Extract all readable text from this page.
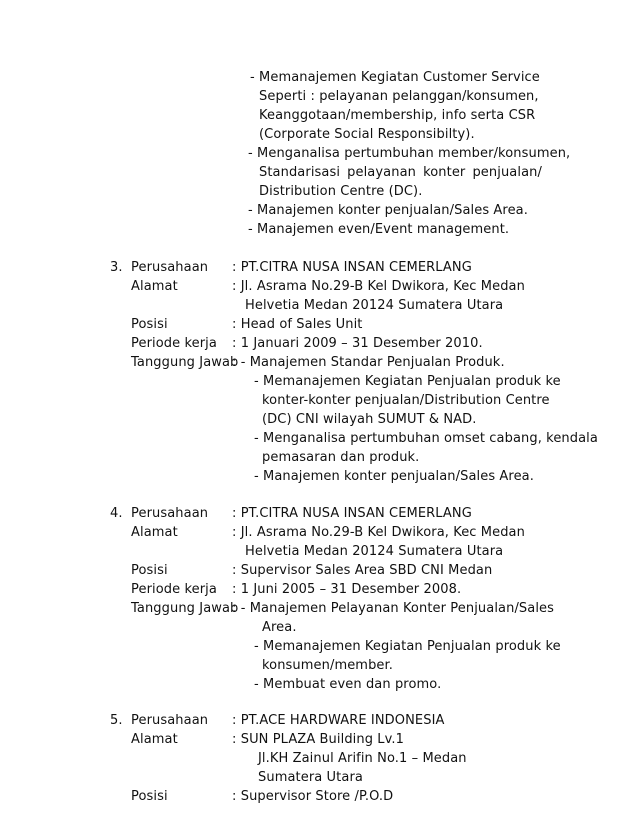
- Memanajemen Kegiatan Customer Service
Seperti : pelayanan pelanggan/konsumen,
Keanggotaan/membership, info serta CSR
(Corporate Social Responsibilty).
- Menganalisa pertumbuhan member/konsumen,
Standarisasi pelayanan konter penjualan/
Distribution Centre (DC).
- Manajemen konter penjualan/Sales Area.
- Manajemen even/Event management.
3. Perusahaan
Alamat
Posisi
Periode kerja
Tanggung Jawab
: PT.CITRA NUSA INSAN CEMERLANG
: Jl. Asrama No.29-B Kel Dwikora, Kec Medan
Helvetia Medan 20124 Sumatera Utara
: Head of Sales Unit
: 1 Januari 2009 – 31 Desember 2010.
: - Manajemen Standar Penjualan Produk.
- Memanajemen Kegiatan Penjualan produk ke
konter-konter penjualan/Distribution Centre
(DC) CNI wilayah SUMUT & NAD.
- Menganalisa pertumbuhan omset cabang, kendala
pemasaran dan produk.
- Manajemen konter penjualan/Sales Area.
4. Perusahaan
Alamat
Posisi
Periode kerja
Tanggung Jawab
: PT.CITRA NUSA INSAN CEMERLANG
: Jl. Asrama No.29-B Kel Dwikora, Kec Medan
Helvetia Medan 20124 Sumatera Utara
: Supervisor Sales Area SBD CNI Medan
: 1 Juni 2005 – 31 Desember 2008.
: - Manajemen Pelayanan Konter Penjualan/Sales
Area.
- Memanajemen Kegiatan Penjualan produk ke
konsumen/member.
- Membuat even dan promo.
5. Perusahaan
Alamat
Posisi
: PT.ACE HARDWARE INDONESIA
: SUN PLAZA Building Lv.1
Jl.KH Zainul Arifin No.1 – Medan
Sumatera Utara
: Supervisor Store /P.O.D
